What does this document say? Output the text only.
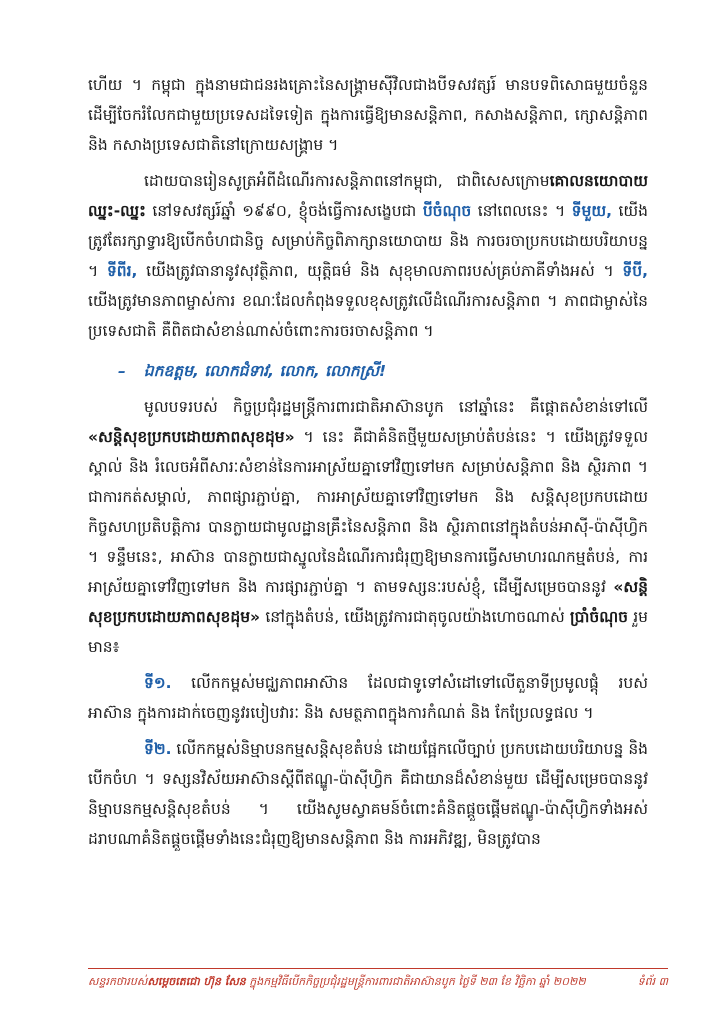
ហើយ ។ កម្ពុជា ក្នុងនាមជាជនរងគ្រោះនៃសង្គ្រាមស៊ីវិលជាងបីទសវត្សរ៍ មានបទពិសោធមួយចំនួន ដើម្បីចែករំលែកជាមួយប្រទេសដទៃទៀត ក្នុងការធ្វើឱ្យមានសន្តិភាព, កសាងសន្តិភាព, ក្សោសន្តិភាព និង កសាងប្រទេសជាតិនៅក្រោយសង្គ្រាម ។

ដោយបានរៀនសូត្រអំពីដំណើរការសន្តិភាពនៅកម្ពុជា, ជាពិសេសក្រោមគោលនយោបាយឈ្នះ-ឈ្នះ នៅទសវត្សរ៍ឆ្នាំ ១៩៩០, ខ្ញុំចង់ធ្វើការសង្ខេបជា បីចំណុច នៅពេលនេះ ។ ទីមួយ, យើងត្រូវតែរក្សាទ្វារឱ្យបើកចំហជានិច្ច សម្រាប់កិច្ចពិភាក្សានយោបាយ និង ការចរចាប្រកបដោយបរិយាបន្ន ។ ទីពីរ, យើងត្រូវធានានូវសុវត្ថិភាព, យុត្តិធម៌ និង សុខុមាលភាពរបស់គ្រប់ភាគីទាំងអស់ ។ ទីបី, យើងត្រូវមានភាពម្ចាស់ការ ខណៈដែលកំពុងទទួលខុសត្រូវលើដំណើរការសន្តិភាព ។ ភាពជាម្ចាស់នៃប្រទេសជាតិ គឺពិតជាសំខាន់ណាស់ចំពោះការចរចាសន្តិភាព ។

– ឯកឧត្តម, លោកជំទាវ, លោក, លោកស្រី!

មូលបទរបស់ កិច្ចប្រជុំរដ្ឋមន្ត្រីការពារជាតិអាស៊ានបូក នៅឆ្នាំនេះ គឺផ្តោតសំខាន់ទៅលើ «សន្តិសុខប្រកបដោយភាពសុខដុម» ។ នេះ គឺជាគំនិតថ្មីមួយសម្រាប់តំបន់នេះ ។ យើងត្រូវទទួលស្គាល់ និង រំលេចអំពីសារៈសំខាន់នៃការអាស្រ័យគ្នាទៅវិញទៅមក សម្រាប់សន្តិភាព និង ស្ថិរភាព ។ ជាការកត់សម្គាល់, ភាពផ្សារភ្ជាប់គ្នា, ការអាស្រ័យគ្នាទៅវិញទៅមក និង សន្តិសុខប្រកបដោយកិច្ចសហប្រតិបត្តិការ បានក្លាយជាមូលដ្ឋានគ្រឹះនៃសន្តិភាព និង ស្ថិរភាពនៅក្នុងតំបន់អាស៊ី-ប៉ាស៊ីហ្វិក ។ ទន្ទឹមនេះ, អាស៊ាន បានក្លាយជាស្នូលនៃដំណើរការជំរុញឱ្យមានការធ្វើសមាហរណកម្មតំបន់, ការអាស្រ័យគ្នាទៅវិញទៅមក និង ការផ្សារភ្ជាប់គ្នា ។ តាមទស្សនៈរបស់ខ្ញុំ, ដើម្បីសម្រេចបាននូវ «សន្តិសុខប្រកបដោយភាពសុខដុម» នៅក្នុងតំបន់, យើងត្រូវការជាតុចូលយ៉ាងហោចណាស់ ប្រាំចំណុច រួមមាន៖

ទី១. លើកកម្ពស់មជ្ឈភាពអាស៊ាន ដែលជាទូទៅសំដៅទៅលើតួនាទីប្រមូលផ្តុំ របស់អាស៊ាន ក្នុងការដាក់ចេញនូវរបៀបវារៈ និង សមត្ថភាពក្នុងការកំណត់ និង កែប្រែលទ្ធផល ។

ទី២. លើកកម្ពស់និម្មាបនកម្មសន្តិសុខតំបន់ ដោយផ្អែកលើច្បាប់ ប្រកបដោយបរិយាបន្ន និង បើកចំហ ។ ទស្សនវិស័យអាស៊ានស្តីពីឥណ្ឌូ-ប៉ាស៊ីហ្វិក គឺជាយានដ៏សំខាន់មួយ ដើម្បីសម្រេចបាននូវនិម្មាបនកម្មសន្តិសុខតំបន់ ។ យើងសូមស្វាគមន៍ចំពោះគំនិតផ្តួចផ្តើមឥណ្ឌូ-ប៉ាស៊ីហ្វិកទាំងអស់ ដរាបណាគំនិតផ្តួចផ្តើមទាំងនេះជំរុញឱ្យមានសន្តិភាព និង ការអភិវឌ្ឍ, មិនត្រូវបាន

សន្ទរកថារបស់សម្តេចតេជោ ហ៊ុន សែន ក្នុងកម្មវិធីបើកកិច្ចប្រជុំរដ្ឋមន្ត្រីការពារជាតិអាស៊ានបូក ថ្ងៃទី ២៣ ខែ វិច្ឆិកា ឆ្នាំ ២០២២	ទំព័រ ៣
